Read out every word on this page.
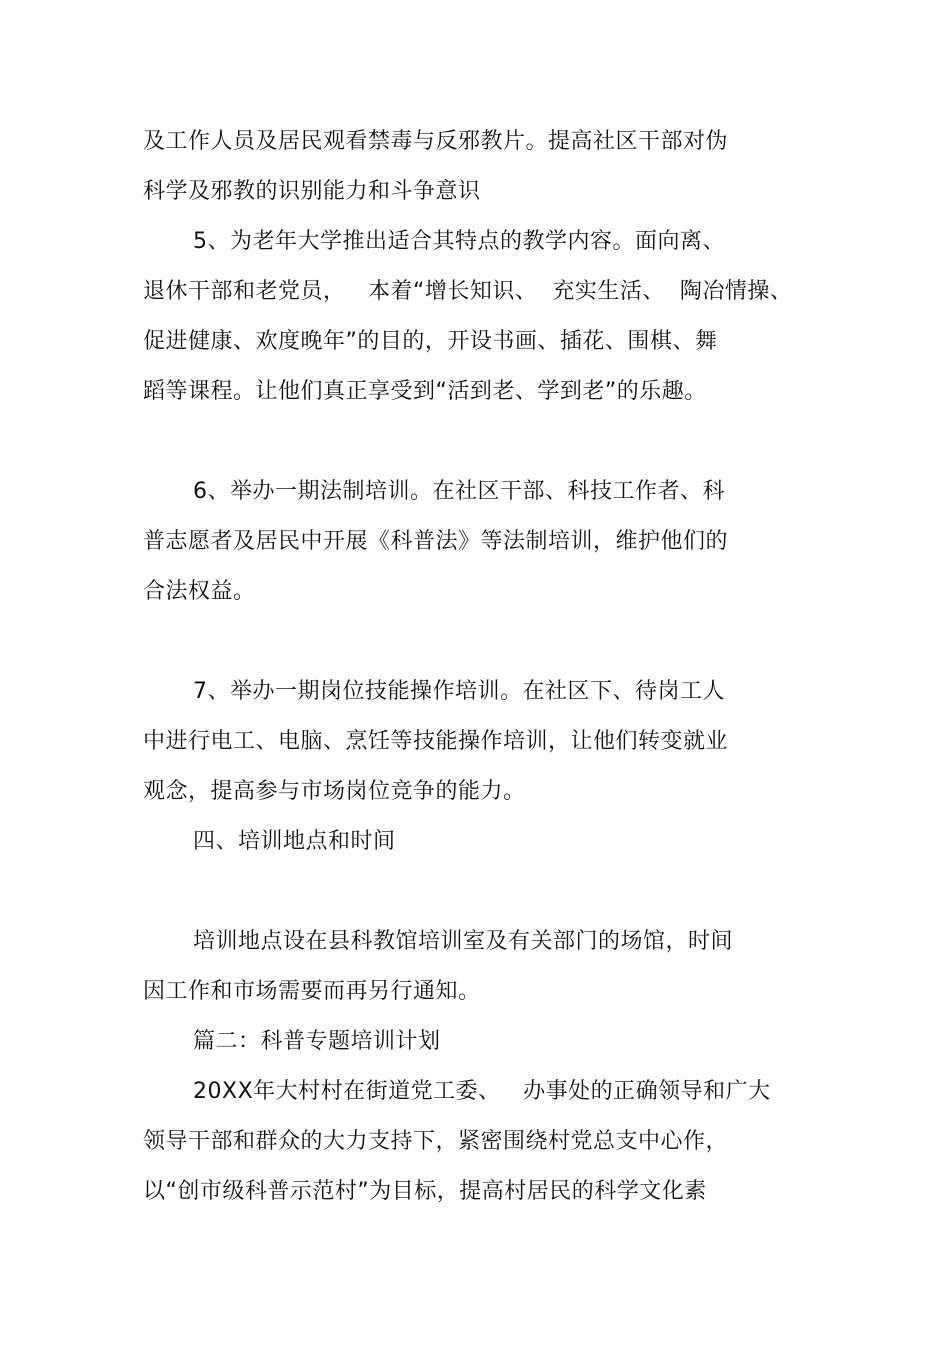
及工作人员及居民观看禁毒与反邪教片。提高社区干部对伪
科学及邪教的识别能力和斗争意识
5、为老年大学推出适合其特点的教学内容。面向离、
退休干部和老党员，   本着“增长知识、  充实生活、  陶冶情操、
促进健康、欢度晚年”的目的，开设书画、插花、围棋、舞
蹈等课程。让他们真正享受到“活到老、学到老”的乐趣。
6、举办一期法制培训。在社区干部、科技工作者、科
普志愿者及居民中开展《科普法》等法制培训，维护他们的
合法权益。
7、举办一期岗位技能操作培训。在社区下、待岗工人
中进行电工、电脑、烹饪等技能操作培训，让他们转变就业
观念，提高参与市场岗位竞争的能力。
四、培训地点和时间
培训地点设在县科教馆培训室及有关部门的场馆，时间
因工作和市场需要而再另行通知。
篇二：科普专题培训计划
20XX年大村村在街道党工委、   办事处的正确领导和广大
领导干部和群众的大力支持下，紧密围绕村党总支中心作，
以“创市级科普示范村”为目标，提高村居民的科学文化素
